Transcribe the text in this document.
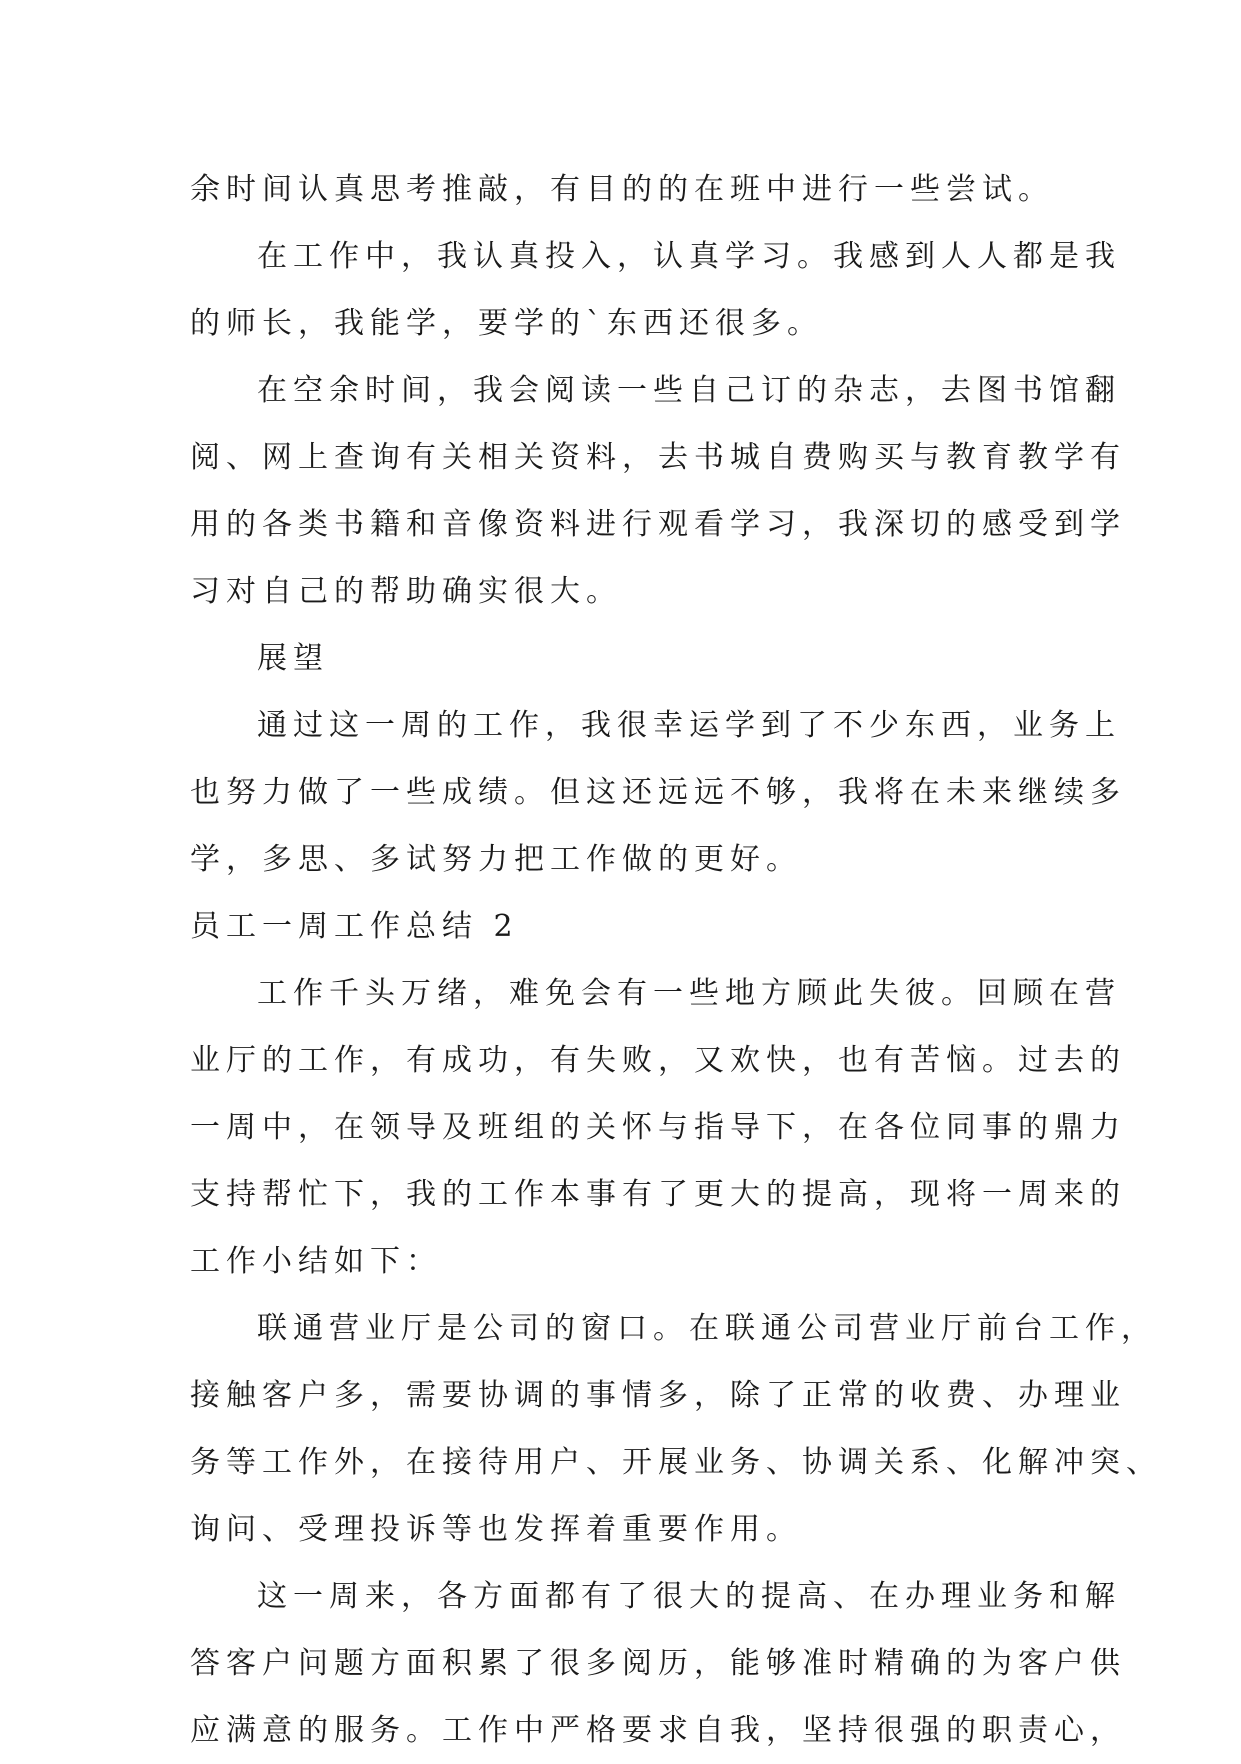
余时间认真思考推敲，有目的的在班中进行一些尝试。
在工作中，我认真投入，认真学习。我感到人人都是我
的师长，我能学，要学的`东西还很多。
在空余时间，我会阅读一些自己订的杂志，去图书馆翻
阅、网上查询有关相关资料，去书城自费购买与教育教学有
用的各类书籍和音像资料进行观看学习，我深切的感受到学
习对自己的帮助确实很大。
展望
通过这一周的工作，我很幸运学到了不少东西，业务上
也努力做了一些成绩。但这还远远不够，我将在未来继续多
学，多思、多试努力把工作做的更好。
员工一周工作总结 2
工作千头万绪，难免会有一些地方顾此失彼。回顾在营
业厅的工作，有成功，有失败，又欢快，也有苦恼。过去的
一周中，在领导及班组的关怀与指导下，在各位同事的鼎力
支持帮忙下，我的工作本事有了更大的提高，现将一周来的
工作小结如下：
联通营业厅是公司的窗口。在联通公司营业厅前台工作，
接触客户多，需要协调的事情多，除了正常的收费、办理业
务等工作外，在接待用户、开展业务、协调关系、化解冲突、
询问、受理投诉等也发挥着重要作用。
这一周来，各方面都有了很大的提高、在办理业务和解
答客户问题方面积累了很多阅历，能够准时精确的为客户供
应满意的服务。工作中严格要求自我，坚持很强的职责心，
